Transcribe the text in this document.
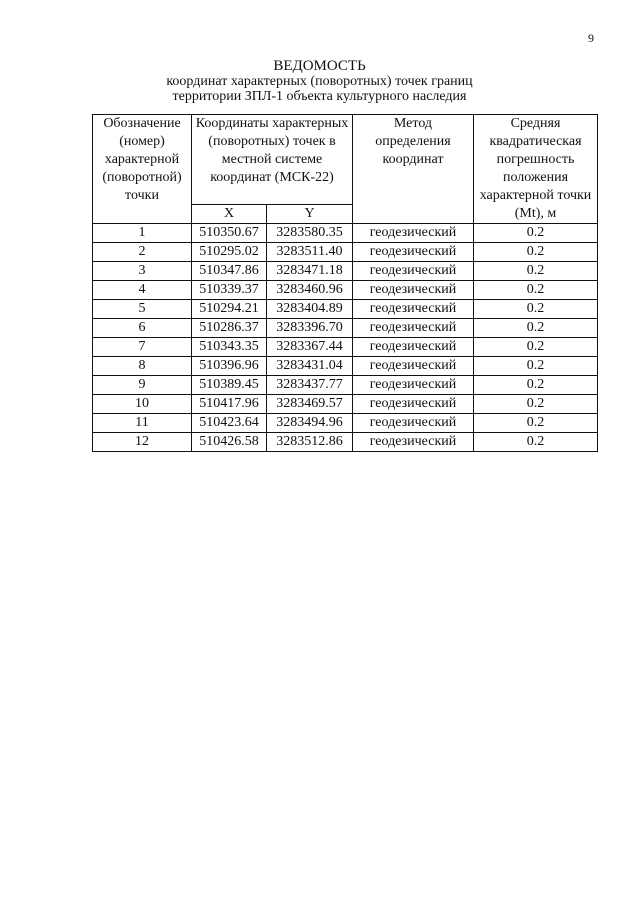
9
ВЕДОМОСТЬ
координат характерных (поворотных) точек границ
территории ЗПЛ-1 объекта культурного наследия
Обозначение (номер) характерной (поворотной) точки	Координаты характерных (поворотных) точек в местной системе координат (МСК-22)		Метод определения координат	Средняя квадратическая погрешность положения характерной точки (Mt), м
	X	Y		
1	510350.67	3283580.35	геодезический	0.2
2	510295.02	3283511.40	геодезический	0.2
3	510347.86	3283471.18	геодезический	0.2
4	510339.37	3283460.96	геодезический	0.2
5	510294.21	3283404.89	геодезический	0.2
6	510286.37	3283396.70	геодезический	0.2
7	510343.35	3283367.44	геодезический	0.2
8	510396.96	3283431.04	геодезический	0.2
9	510389.45	3283437.77	геодезический	0.2
10	510417.96	3283469.57	геодезический	0.2
11	510423.64	3283494.96	геодезический	0.2
12	510426.58	3283512.86	геодезический	0.2
